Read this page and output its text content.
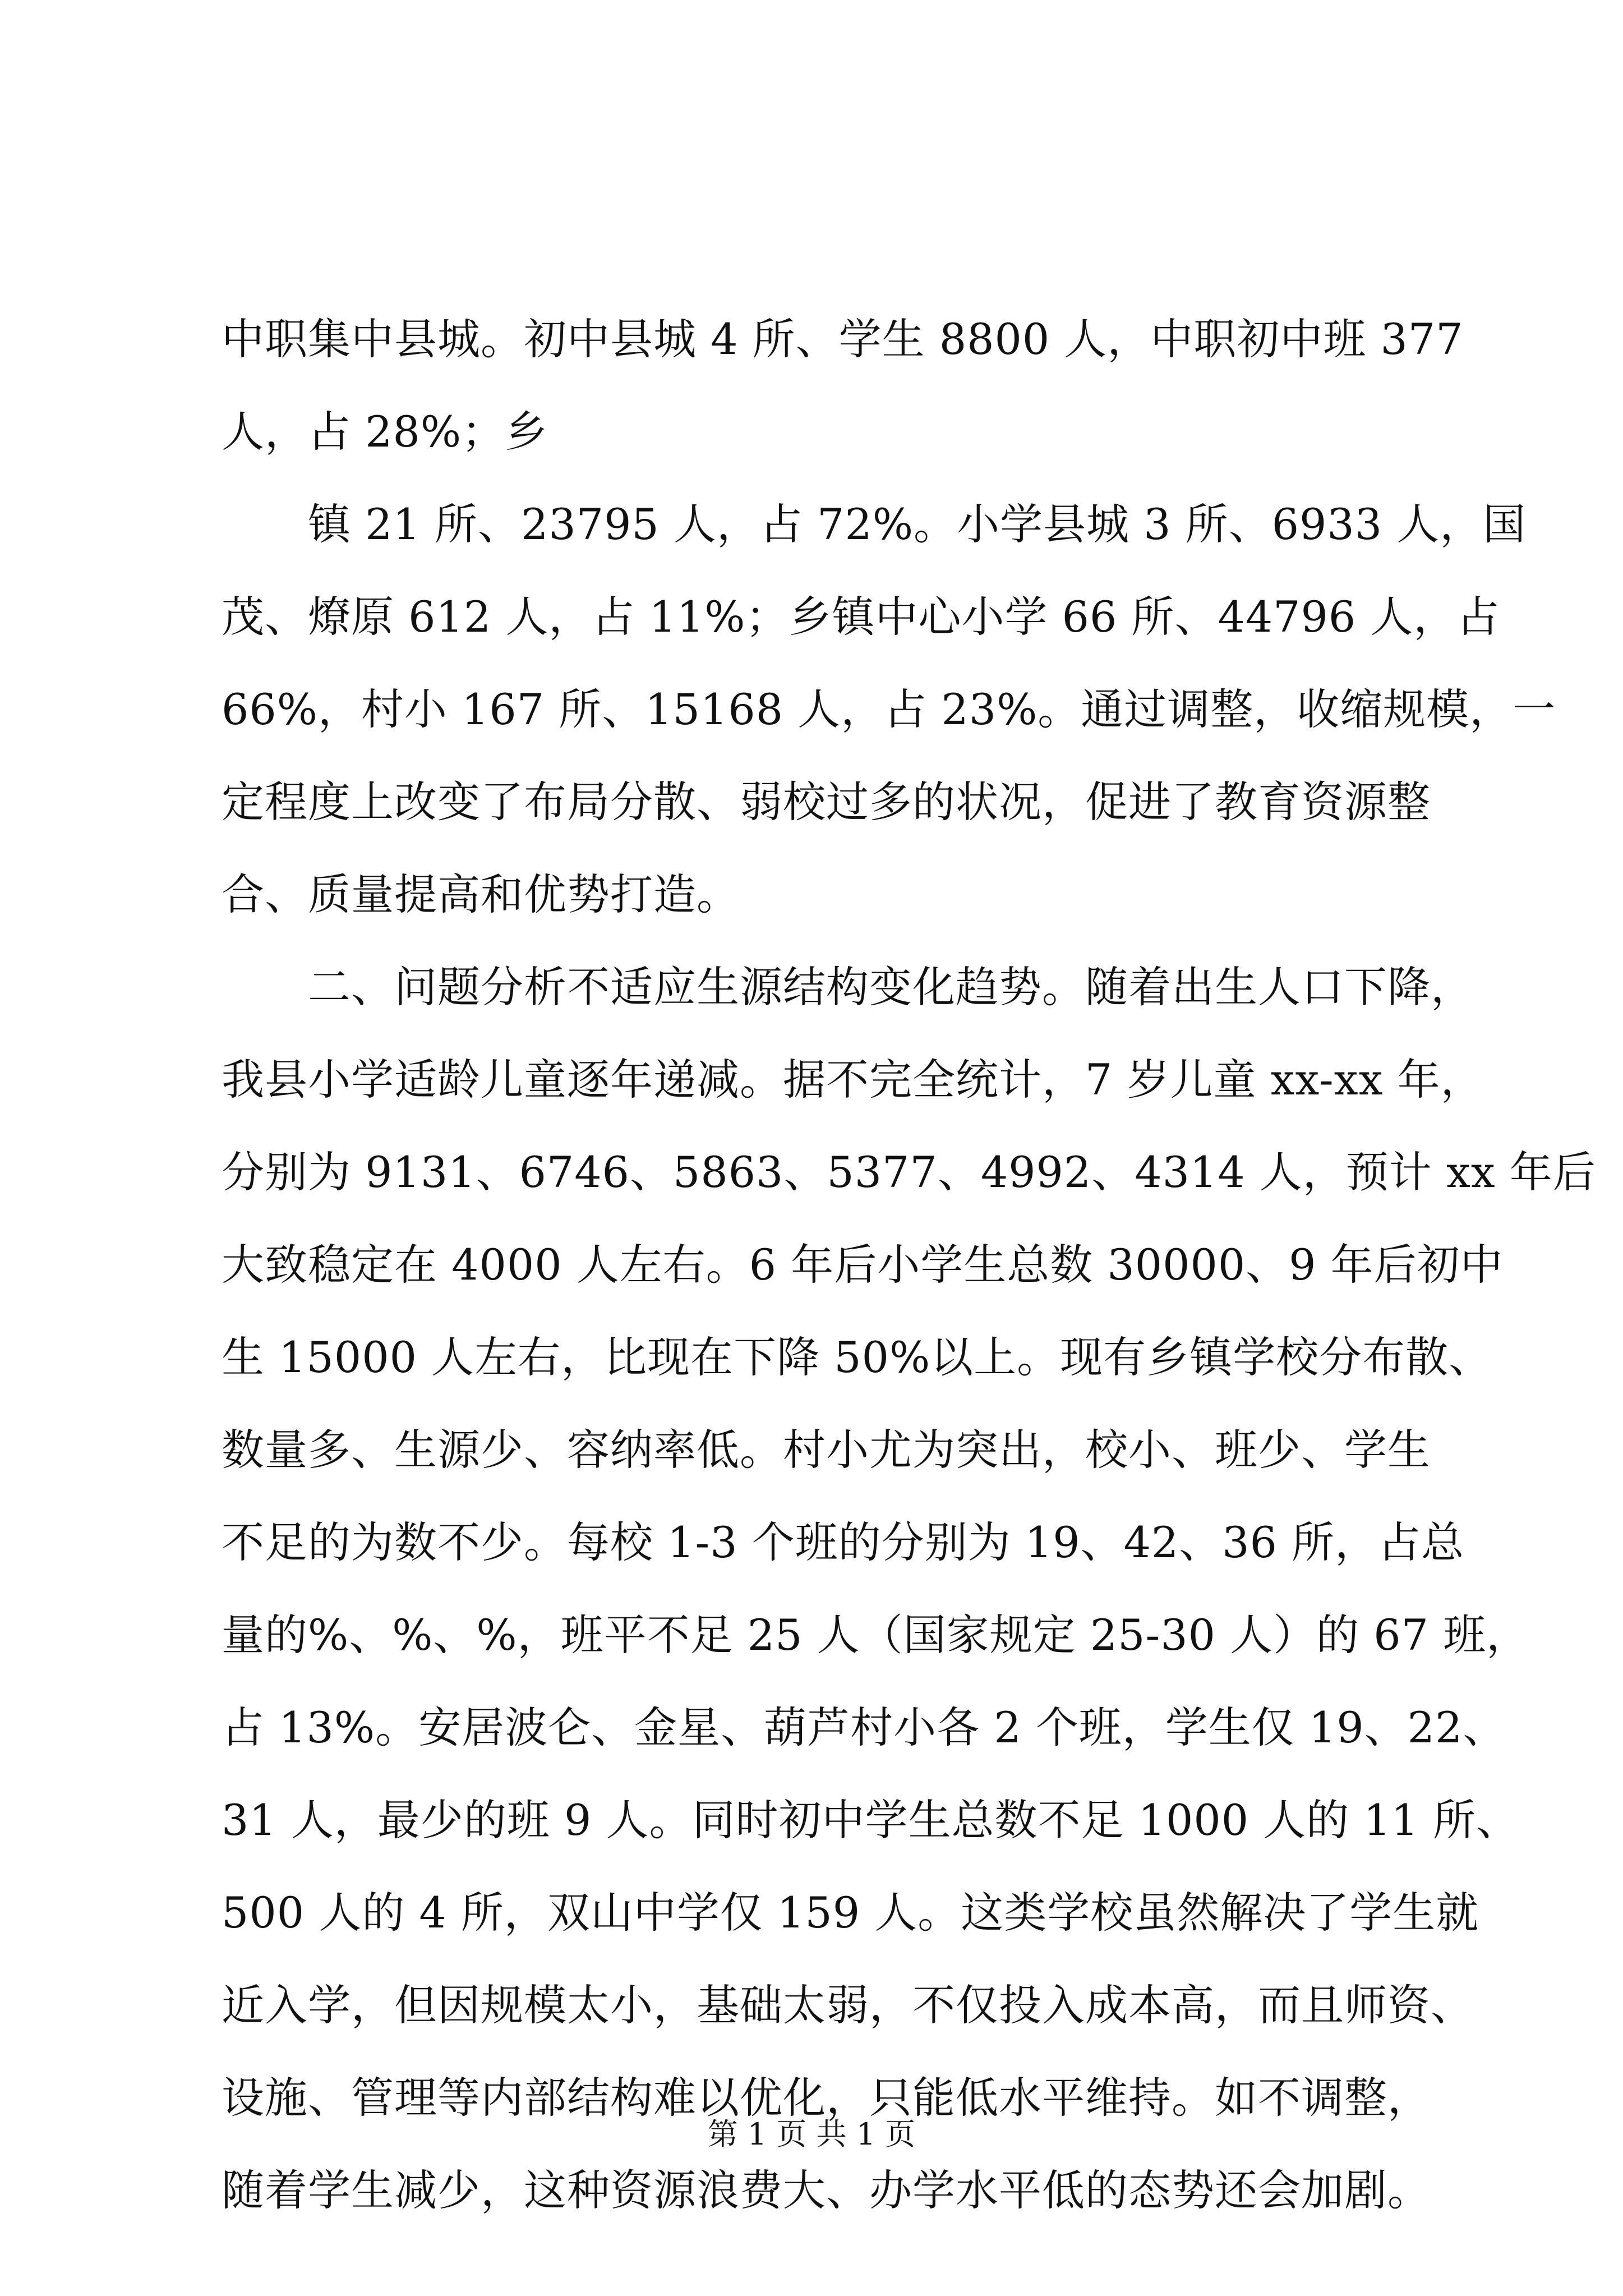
中职集中县城。初中县城 4 所、学生 8800 人，中职初中班 377
人，占 28%；乡
镇 21 所、23795 人，占 72%。小学县城 3 所、6933 人，国
茂、燎原 612 人，占 11%；乡镇中心小学 66 所、44796 人，占
66%，村小 167 所、15168 人，占 23%。通过调整，收缩规模，一
定程度上改变了布局分散、弱校过多的状况，促进了教育资源整
合、质量提高和优势打造。
二、问题分析不适应生源结构变化趋势。随着出生人口下降，
我县小学适龄儿童逐年递减。据不完全统计，7 岁儿童 xx-xx 年，
分别为 9131、6746、5863、5377、4992、4314 人，预计 xx 年后
大致稳定在 4000 人左右。6 年后小学生总数 30000、9 年后初中
生 15000 人左右，比现在下降 50%以上。现有乡镇学校分布散、
数量多、生源少、容纳率低。村小尤为突出，校小、班少、学生
不足的为数不少。每校 1-3 个班的分别为 19、42、36 所，占总
量的%、%、%，班平不足 25 人（国家规定 25-30 人）的 67 班，
占 13%。安居波仑、金星、葫芦村小各 2 个班，学生仅 19、22、
31 人，最少的班 9 人。同时初中学生总数不足 1000 人的 11 所、
500 人的 4 所，双山中学仅 159 人。这类学校虽然解决了学生就
近入学，但因规模太小，基础太弱，不仅投入成本高，而且师资、
设施、管理等内部结构难以优化，只能低水平维持。如不调整，
随着学生减少，这种资源浪费大、办学水平低的态势还会加剧。
第 1 页 共 1 页
